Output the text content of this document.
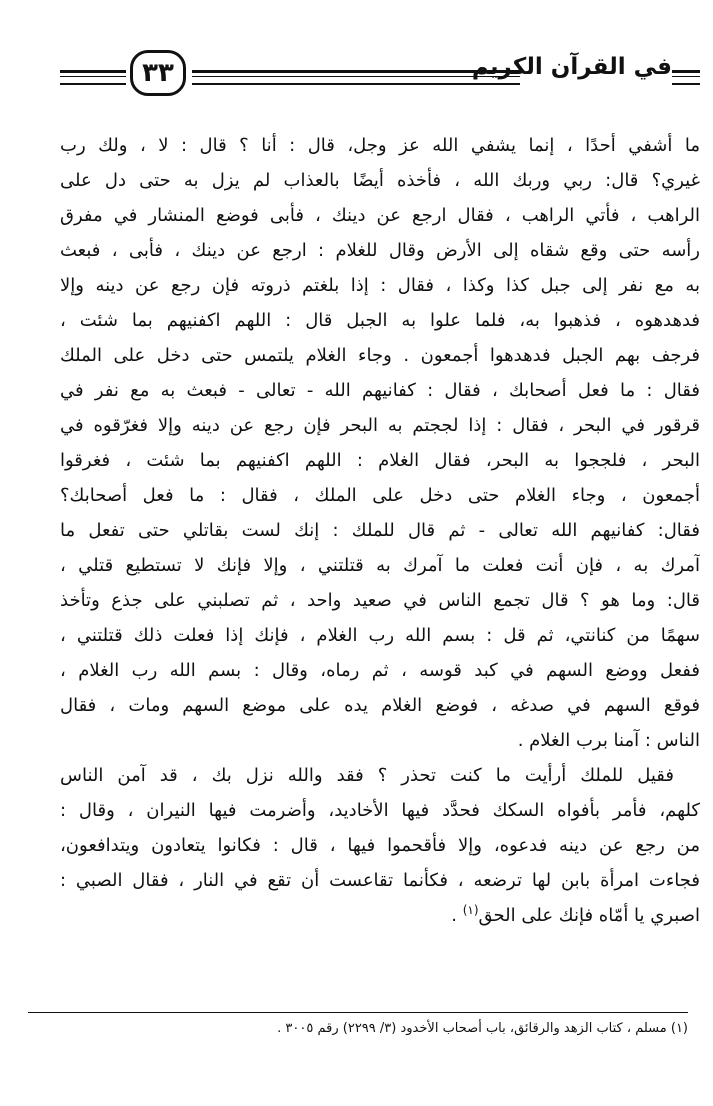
٣٣	في القرآن الكريم
ما أشفي أحدًا ، إنما يشفي الله عز وجل، قال : أنا ؟ قال : لا ، ولك رب
غيري؟ قال: ربي وربك الله ، فأخذه أيضًا بالعذاب لم يزل به حتى دل على
الراهب ، فأتي الراهب ، فقال ارجع عن دينك ، فأبى فوضع المنشار في مفرق
رأسه حتى وقع شقاه إلى الأرض وقال للغلام : ارجع عن دينك ، فأبى ، فبعث
به مع نفر إلى جبل كذا وكذا ، فقال : إذا بلغتم ذروته فإن رجع عن دينه وإلا
فدهدهوه ، فذهبوا به، فلما علوا به الجبل قال : اللهم اكفنيهم بما شئت ،
فرجف بهم الجبل فدهدهوا أجمعون . وجاء الغلام يلتمس حتى دخل على الملك
فقال : ما فعل أصحابك ، فقال : كفانيهم الله - تعالى - فبعث به مع نفر في
قرقور في البحر ، فقال : إذا لججتم به البحر فإن رجع عن دينه وإلا فغرّقوه في
البحر ، فلججوا به البحر، فقال الغلام : اللهم اكفنيهم بما شئت ، فغرقوا
أجمعون ، وجاء الغلام حتى دخل على الملك ، فقال : ما فعل أصحابك؟
فقال: كفانيهم الله تعالى - ثم قال للملك : إنك لست بقاتلي حتى تفعل ما
آمرك به ، فإن أنت فعلت ما آمرك به قتلتني ، وإلا فإنك لا تستطيع قتلي ،
قال: وما هو ؟ قال تجمع الناس في صعيد واحد ، ثم تصلبني على جذع وتأخذ
سهمًا من كنانتي، ثم قل : بسم الله رب الغلام ، فإنك إذا فعلت ذلك قتلتني ،
ففعل ووضع السهم في كبد قوسه ، ثم رماه، وقال : بسم الله رب الغلام ،
فوقع السهم في صدغه ، فوضع الغلام يده على موضع السهم ومات ، فقال
الناس : آمنا برب الغلام .
فقيل للملك أرأيت ما كنت تحذر ؟ فقد والله نزل بك ، قد آمن الناس
كلهم، فأمر بأفواه السكك فحدَّد فيها الأخاديد، وأضرمت فيها النيران ، وقال :
من رجع عن دينه فدعوه، وإلا فأقحموا فيها ، قال : فكانوا يتعادون ويتدافعون،
فجاءت امرأة بابن لها ترضعه ، فكأنما تقاعست أن تقع في النار ، فقال الصبي :
اصبري يا أمّاه فإنك على الحق$^{(١)}$ .
(١) مسلم ، كتاب الزهد والرقائق، باب أصحاب الأخدود (٣/ ٢٢٩٩) رقم ٣٠٠٥ .
